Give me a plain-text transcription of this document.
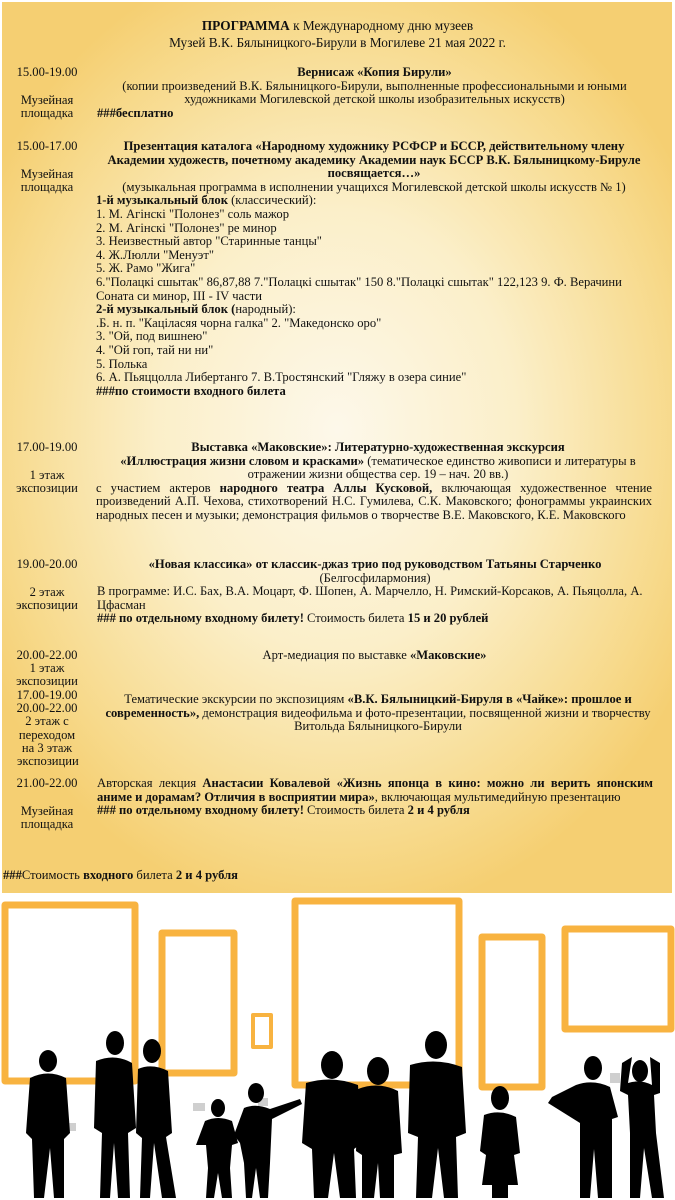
ПРОГРАММА к Международному дню музеев
Музей В.К. Бялыницкого-Бирули в Могилеве 21 мая 2022 г.
15.00-19.00
Музейная площадка
Вернисаж «Копия Бирули»
(копии произведений В.К. Бялыницкого-Бирули, выполненные профессиональными и юными художниками Могилевской детской школы изобразительных искусств)
###бесплатно
15.00-17.00
Музейная площадка
Презентация каталога «Народному художнику РСФСР и БССР, действительному члену Академии художеств, почетному академику Академии наук БССР В.К. Бялыницкому-Бируле посвящается…»
(музыкальная программа в исполнении учащихся Могилевской детской школы искусств № 1)
1-й музыкальный блок (классический):
1. М. Агінскі "Полонез" соль мажор
2. М. Агінскі "Полонез" ре минор
3. Неизвестный автор "Старинные танцы"
4. Ж.Люлли "Менуэт"
5. Ж. Рамо "Жига"
6."Полацкі сшытак" 86,87,88 7."Полацкі сшытак" 150 8."Полацкі сшытак" 122,123 9. Ф. Верачини Соната си минор, III - IV части
2-й музыкальный блок (народный):
.Б. н. п. "Каціласяя чорна галка" 2. "Македонско оро"
3. "Ой, под вишнею"
4. "Ой гоп, тай ни ни"
5. Полька
6. А. Пьяццолла Либертанго 7. В.Тростянский "Гляжу в озера синие"
###по стоимости входного билета
17.00-19.00
1 этаж экспозиции
Выставка «Маковские»: Литературно-художественная экскурсия
«Иллюстрация жизни словом и красками» (тематическое единство живописи и литературы в отражении жизни общества сер. 19 – нач. 20 вв.)
с участием актеров народного театра Аллы Кусковой, включающая художественное чтение произведений А.П. Чехова, стихотворений Н.С. Гумилева, С.К. Маковского; фонограммы украинских народных песен и музыки; демонстрация фильмов о творчестве В.Е. Маковского, К.Е. Маковского
19.00-20.00
2 этаж экспозиции
«Новая классика» от классик-джаз трио под руководством Татьяны Старченко
(Белгосфилармония)
В программе: И.С. Бах, В.А. Моцарт, Ф. Шопен, А. Марчелло, Н. Римский-Корсаков, А. Пьяцолла, А. Цфасман
### по отдельному входному билету! Стоимость билета 15 и 20 рублей
20.00-22.00
1 этаж экспозиции
Арт-медиация по выставке «Маковские»
17.00-19.00
20.00-22.00
2 этаж с переходом на 3 этаж экспозиции
Тематические экскурсии по экспозициям «В.К. Бялыницкий-Бируля в «Чайке»: прошлое и современность», демонстрация видеофильма и фото-презентации, посвященной жизни и творчеству Витольда Бялыницкого-Бирули
21.00-22.00
Музейная площадка
Авторская лекция Анастасии Ковалевой «Жизнь японца в кино: можно ли верить японским аниме и дорамам? Отличия в восприятии мира», включающая мультимедийную презентацию
### по отдельному входному билету! Стоимость билета 2 и 4 рубля
###Стоимость входного билета 2 и 4 рубля
